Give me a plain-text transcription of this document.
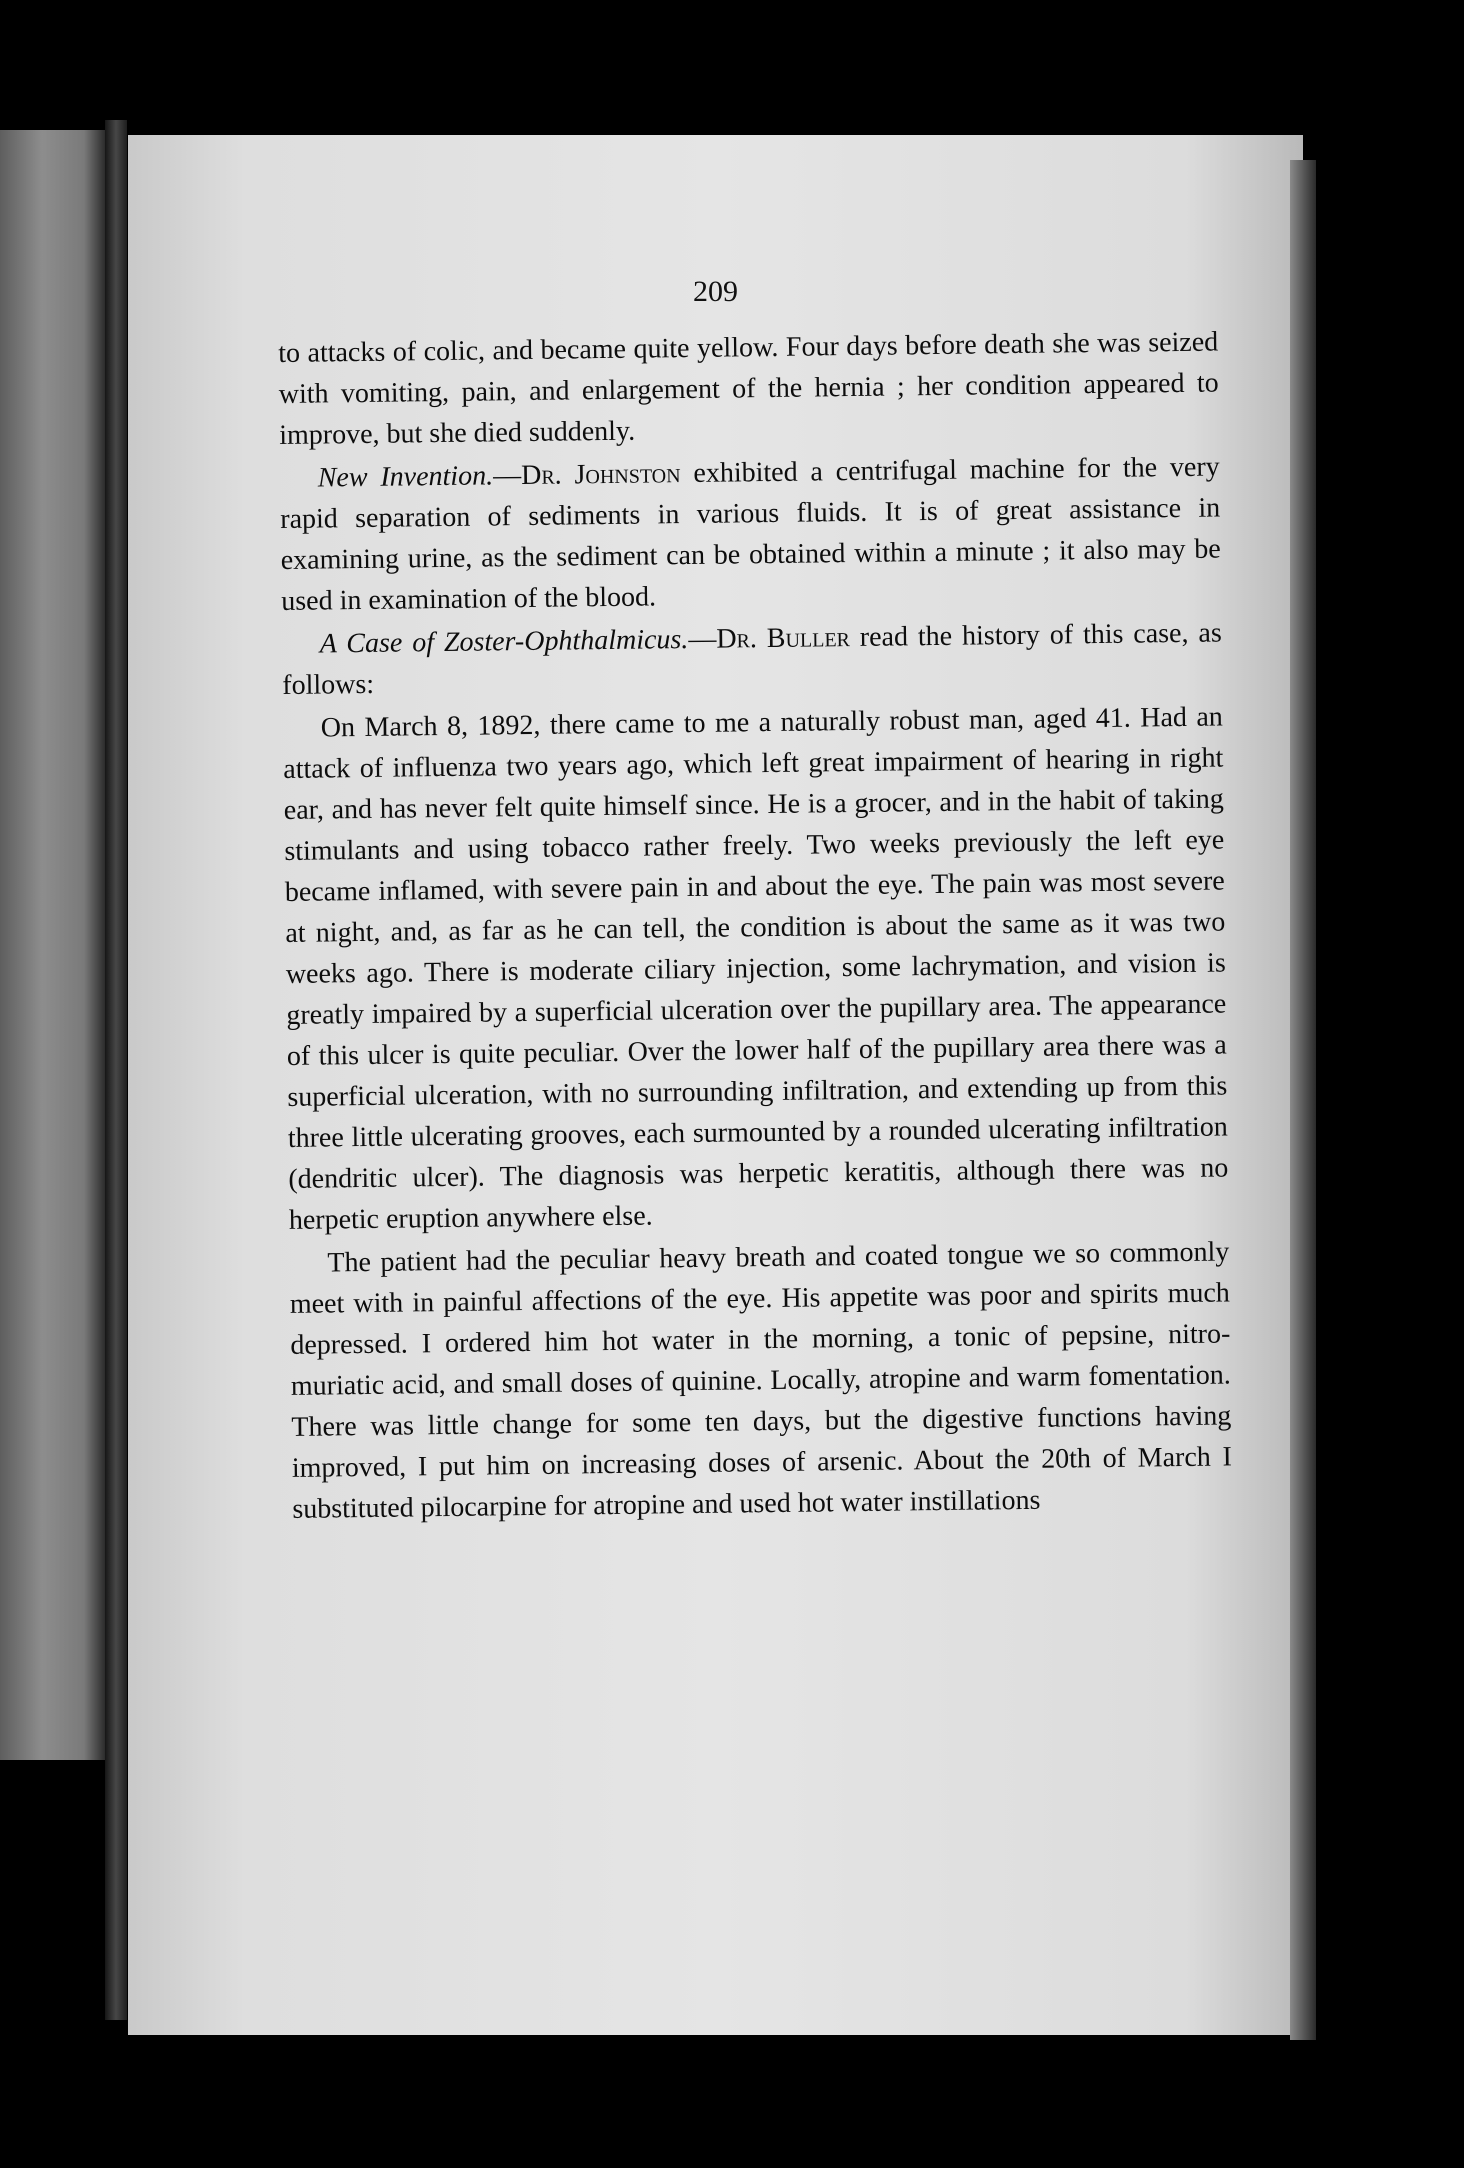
209

to attacks of colic, and became quite yellow. Four days before death she was seized with vomiting, pain, and enlargement of the hernia ; her condition appeared to improve, but she died suddenly.

New Invention.—Dr. Johnston exhibited a centrifugal machine for the very rapid separation of sediments in various fluids. It is of great assistance in examining urine, as the sediment can be obtained within a minute ; it also may be used in examination of the blood.

A Case of Zoster-Ophthalmicus.—Dr. Buller read the history of this case, as follows:

On March 8, 1892, there came to me a naturally robust man, aged 41. Had an attack of influenza two years ago, which left great impairment of hearing in right ear, and has never felt quite himself since. He is a grocer, and in the habit of taking stimulants and using tobacco rather freely. Two weeks previously the left eye became inflamed, with severe pain in and about the eye. The pain was most severe at night, and, as far as he can tell, the condition is about the same as it was two weeks ago. There is moderate ciliary injection, some lachrymation, and vision is greatly impaired by a superficial ulceration over the pupillary area. The appearance of this ulcer is quite peculiar. Over the lower half of the pupillary area there was a superficial ulceration, with no surrounding infiltration, and extending up from this three little ulcerating grooves, each surmounted by a rounded ulcerating infiltration (dendritic ulcer). The diagnosis was herpetic keratitis, although there was no herpetic eruption anywhere else.

The patient had the peculiar heavy breath and coated tongue we so commonly meet with in painful affections of the eye. His appetite was poor and spirits much depressed. I ordered him hot water in the morning, a tonic of pepsine, nitro-muriatic acid, and small doses of quinine. Locally, atropine and warm fomentation. There was little change for some ten days, but the digestive functions having improved, I put him on increasing doses of arsenic. About the 20th of March I substituted pilocarpine for atropine and used hot water instillations
